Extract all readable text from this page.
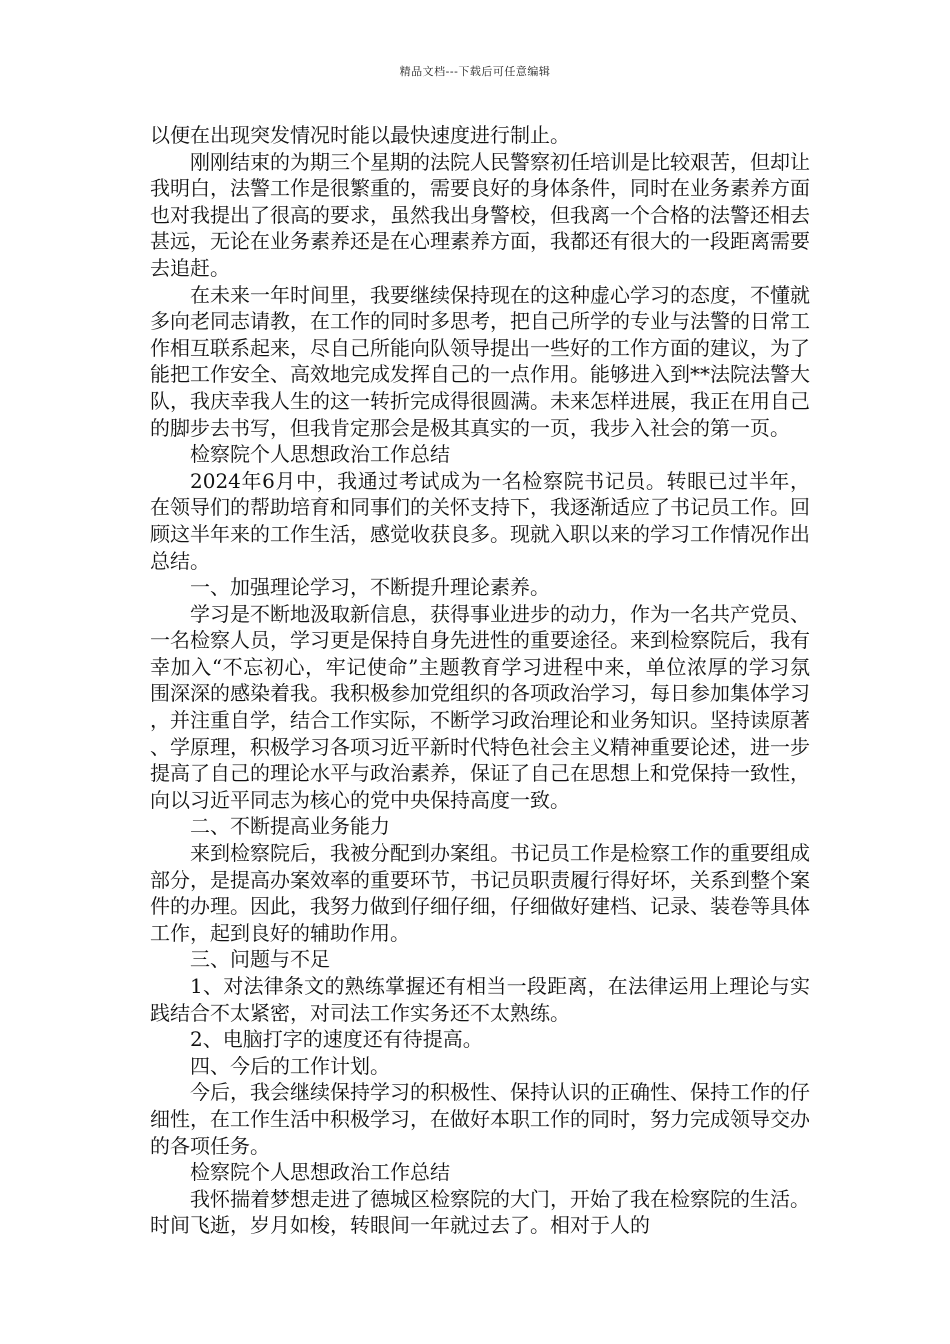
精品文档---下载后可任意编辑

以便在出现突发情况时能以最快速度进行制止。

刚刚结束的为期三个星期的法院人民警察初任培训是比较艰苦，但却让我明白，法警工作是很繁重的，需要良好的身体条件，同时在业务素养方面也对我提出了很高的要求，虽然我出身警校，但我离一个合格的法警还相去甚远，无论在业务素养还是在心理素养方面，我都还有很大的一段距离需要去追赶。

在未来一年时间里，我要继续保持现在的这种虚心学习的态度，不懂就多向老同志请教，在工作的同时多思考，把自己所学的专业与法警的日常工作相互联系起来，尽自己所能向队领导提出一些好的工作方面的建议，为了能把工作安全、高效地完成发挥自己的一点作用。能够进入到**法院法警大队，我庆幸我人生的这一转折完成得很圆满。未来怎样进展，我正在用自己的脚步去书写，但我肯定那会是极其真实的一页，我步入社会的第一页。

检察院个人思想政治工作总结

2024年6月中，我通过考试成为一名检察院书记员。转眼已过半年，在领导们的帮助培育和同事们的关怀支持下，我逐渐适应了书记员工作。回顾这半年来的工作生活，感觉收获良多。现就入职以来的学习工作情况作出总结。

一、加强理论学习，不断提升理论素养。

学习是不断地汲取新信息，获得事业进步的动力，作为一名共产党员、一名检察人员，学习更是保持自身先进性的重要途径。来到检察院后，我有幸加入“不忘初心，牢记使命”主题教育学习进程中来，单位浓厚的学习氛围深深的感染着我。我积极参加党组织的各项政治学习，每日参加集体学习，并注重自学，结合工作实际，不断学习政治理论和业务知识。坚持读原著、学原理，积极学习各项习近平新时代特色社会主义精神重要论述，进一步提高了自己的理论水平与政治素养，保证了自己在思想上和党保持一致性，向以习近平同志为核心的党中央保持高度一致。

二、不断提高业务能力

来到检察院后，我被分配到办案组。书记员工作是检察工作的重要组成部分，是提高办案效率的重要环节，书记员职责履行得好坏，关系到整个案件的办理。因此，我努力做到仔细仔细，仔细做好建档、记录、装卷等具体工作，起到良好的辅助作用。

三、问题与不足

1、对法律条文的熟练掌握还有相当一段距离，在法律运用上理论与实践结合不太紧密，对司法工作实务还不太熟练。

2、电脑打字的速度还有待提高。

四、今后的工作计划。

今后，我会继续保持学习的积极性、保持认识的正确性、保持工作的仔细性，在工作生活中积极学习，在做好本职工作的同时，努力完成领导交办的各项任务。

检察院个人思想政治工作总结

我怀揣着梦想走进了德城区检察院的大门，开始了我在检察院的生活。时间飞逝，岁月如梭，转眼间一年就过去了。相对于人的
